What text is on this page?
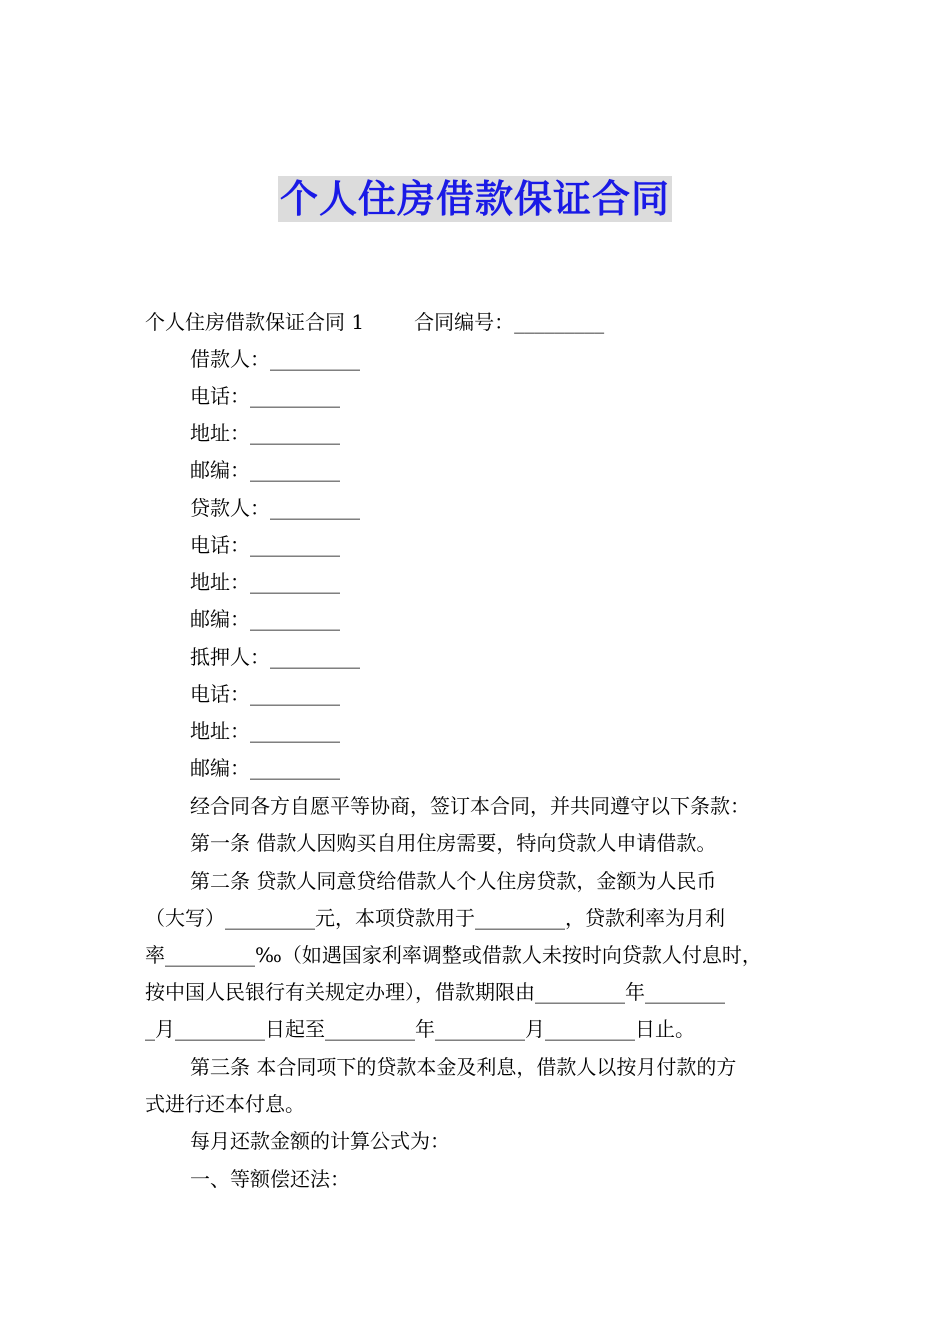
个人住房借款保证合同
个人住房借款保证合同 1	合同编号：_________
借款人：_________
电话：_________
地址：_________
邮编：_________
贷款人：_________
电话：_________
地址：_________
邮编：_________
抵押人：_________
电话：_________
地址：_________
邮编：_________
经合同各方自愿平等协商，签订本合同，并共同遵守以下条款：
第一条 借款人因购买自用住房需要，特向贷款人申请借款。
第二条 贷款人同意贷给借款人个人住房贷款，金额为人民币
（大写）_________元，本项贷款用于_________，贷款利率为月利
率_________‰（如遇国家利率调整或借款人未按时向贷款人付息时，
按中国人民银行有关规定办理），借款期限由_________年________
_月_________日起至_________年_________月_________日止。
第三条 本合同项下的贷款本金及利息，借款人以按月付款的方
式进行还本付息。
每月还款金额的计算公式为：
一、等额偿还法：
